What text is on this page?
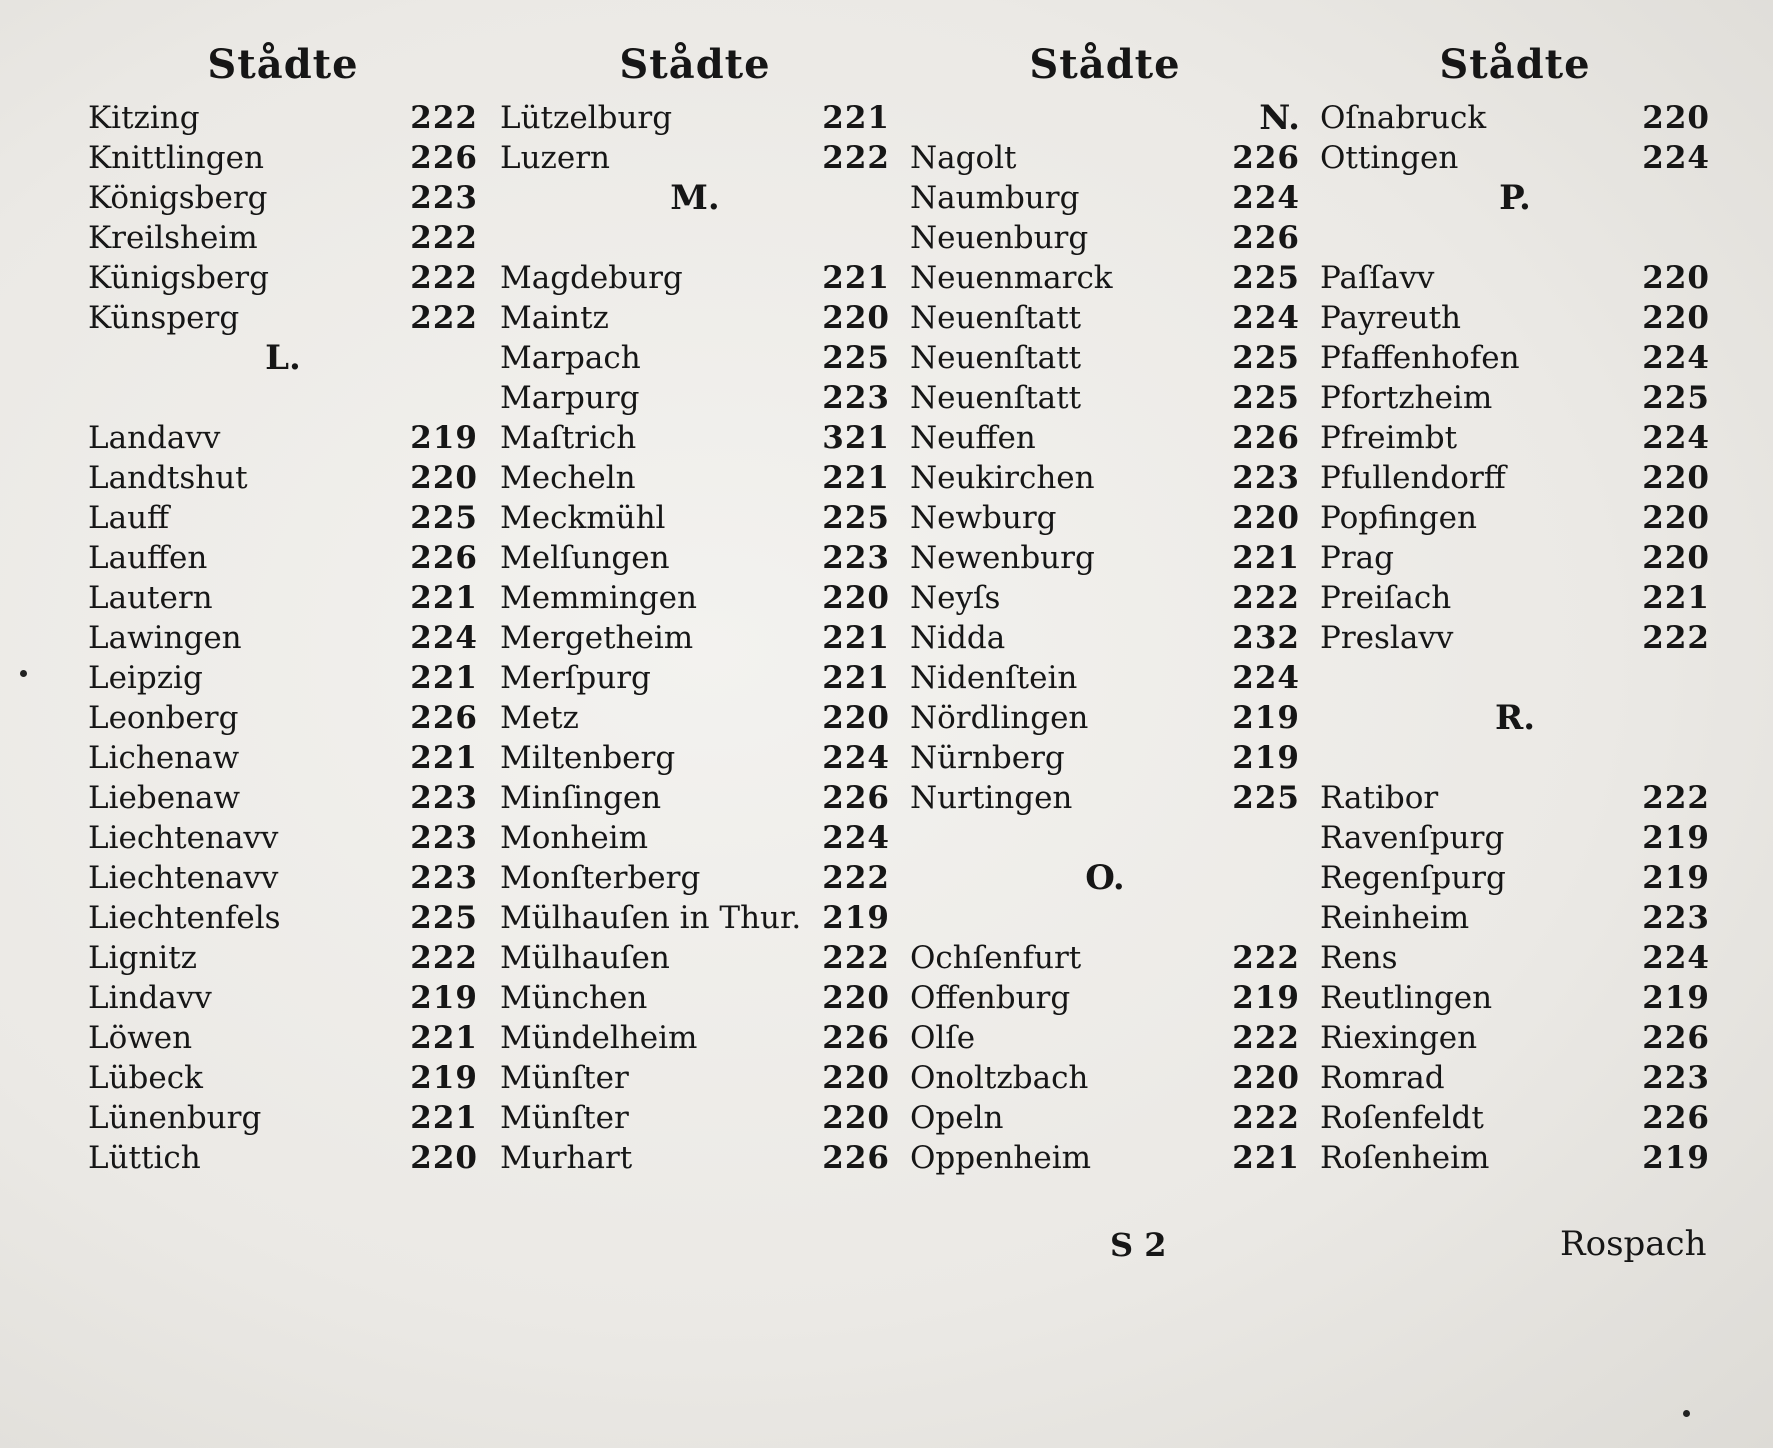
Stådte
Kitzing	222
Knittlingen	226
Königsberg	223
Kreilsheim	222
Künigsberg	222
Künsperg	222
L.
Landavv	219
Landtshut	220
Lauff	225
Lauffen	226
Lautern	221
Lawingen	224
Leipzig	221
Leonberg	226
Lichenaw	221
Liebenaw	223
Liechtenavv	223
Liechtenavv	223
Liechtenfels	225
Lignitz	222
Lindavv	219
Löwen	221
Lübeck	219
Lünenburg	221
Lüttich	220
Stådte
Lützelburg	221
Luzern	222
M.
Magdeburg	221
Maintz	220
Marpach	225
Marpurg	223
Maſtrich	321
Mecheln	221
Meckmühl	225
Melſungen	223
Memmingen	220
Mergetheim	221
Merſpurg	221
Metz	220
Miltenberg	224
Minſingen	226
Monheim	224
Monſterberg	222
Mülhauſen in Thur. 219
Mülhauſen	222
München	220
Mündelheim	226
Münſter	220
Münſter	220
Murhart	226
Stådte
N.
Nagolt	226
Naumburg	224
Neuenburg	226
Neuenmarck	225
Neuenſtatt	224
Neuenſtatt	225
Neuenſtatt	225
Neuffen	226
Neukirchen	223
Newburg	220
Newenburg	221
Neyſs	222
Nidda	232
Nidenſtein	224
Nördlingen	219
Nürnberg	219
Nurtingen	225
O.
Ochſenfurt	222
Offenburg	219
Olſe	222
Onoltzbach	220
Opeln	222
Oppenheim	221
Stådte
Oſnabruck	220
Ottingen	224
P.
Paſſavv	220
Payreuth	220
Pfaffenhofen	224
Pfortzheim	225
Pfreimbt	224
Pfullendorff	220
Popfingen	220
Prag	220
Preiſach	221
Preslavv	222
R.
Ratibor	222
Ravenſpurg	219
Regenſpurg	219
Reinheim	223
Rens	224
Reutlingen	219
Riexingen	226
Romrad	223
Roſenfeldt	226
Roſenheim	219
S 2	Rospach
